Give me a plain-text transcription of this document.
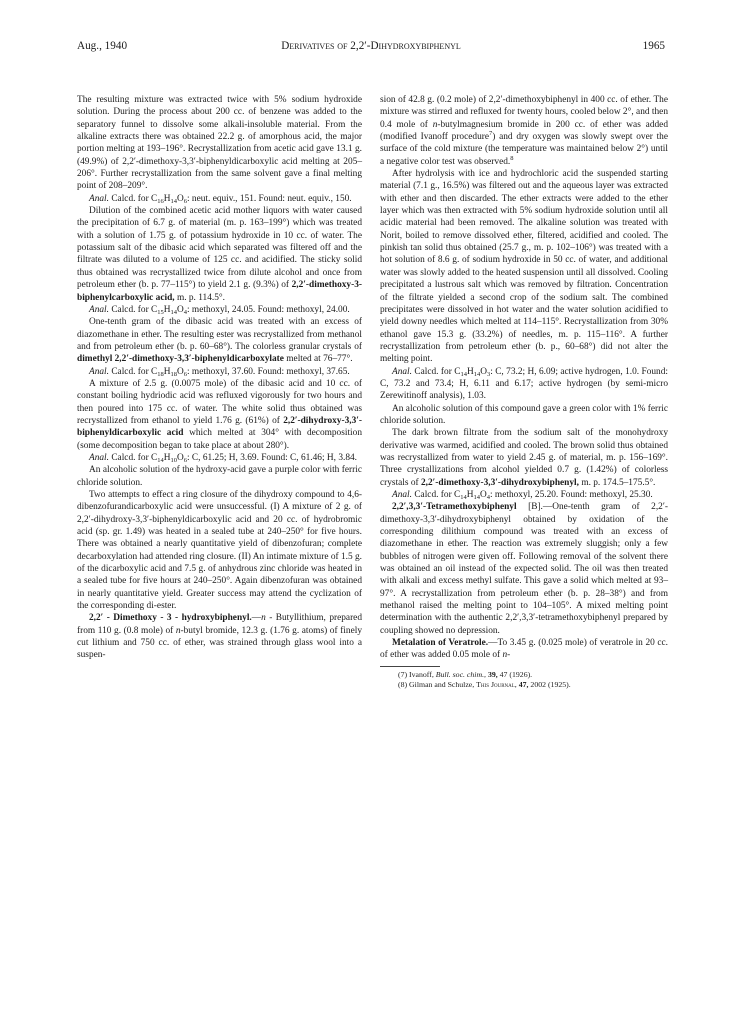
Aug., 1940	Derivatives of 2,2′-Dihydroxybiphenyl	1965

The resulting mixture was extracted twice with 5% sodium hydroxide solution. During the process about 200 cc. of benzene was added to the separatory funnel to dissolve some alkali-insoluble material. From the alkaline extracts there was obtained 22.2 g. of amorphous acid, the major portion melting at 193–196°. Recrystallization from acetic acid gave 13.1 g. (49.9%) of 2,2′-dimethoxy-3,3′-biphenyldicarboxylic acid melting at 205–206°. Further recrystallization from the same solvent gave a final melting point of 208–209°.

Anal. Calcd. for $C_{16}H_{14}O_6$: neut. equiv., 151. Found: neut. equiv., 150.

Dilution of the combined acetic acid mother liquors with water caused the precipitation of 6.7 g. of material (m. p. 163–199°) which was treated with a solution of 1.75 g. of potassium hydroxide in 10 cc. of water. The potassium salt of the dibasic acid which separated was filtered off and the filtrate was diluted to a volume of 125 cc. and acidified. The sticky solid thus obtained was recrystallized twice from dilute alcohol and once from petroleum ether (b. p. 77–115°) to yield 2.1 g. (9.3%) of 2,2′-dimethoxy-3-biphenylcarboxylic acid, m. p. 114.5°.

Anal. Calcd. for $C_{15}H_{14}O_4$: methoxyl, 24.05. Found: methoxyl, 24.00.

One-tenth gram of the dibasic acid was treated with an excess of diazomethane in ether. The resulting ester was recrystallized from methanol and from petroleum ether (b. p. 60–68°). The colorless granular crystals of dimethyl 2,2′-dimethoxy-3,3′-biphenyldicarboxylate melted at 76–77°.

Anal. Calcd. for $C_{18}H_{18}O_6$: methoxyl, 37.60. Found: methoxyl, 37.65.

A mixture of 2.5 g. (0.0075 mole) of the dibasic acid and 10 cc. of constant boiling hydriodic acid was refluxed vigorously for two hours and then poured into 175 cc. of water. The white solid thus obtained was recrystallized from ethanol to yield 1.76 g. (61%) of 2,2′-dihydroxy-3,3′-biphenyldicarboxylic acid which melted at 304° with decomposition (some decomposition began to take place at about 280°).

Anal. Calcd. for $C_{14}H_{10}O_6$: C, 61.25; H, 3.69. Found: C, 61.46; H, 3.84.

An alcoholic solution of the hydroxy-acid gave a purple color with ferric chloride solution.

Two attempts to effect a ring closure of the dihydroxy compound to 4,6-dibenzofurandicarboxylic acid were unsuccessful. (I) A mixture of 2 g. of 2,2′-dihydroxy-3,3′-biphenyldicarboxylic acid and 20 cc. of hydrobromic acid (sp. gr. 1.49) was heated in a sealed tube at 240–250° for five hours. There was obtained a nearly quantitative yield of dibenzofuran; complete decarboxylation had attended ring closure. (II) An intimate mixture of 1.5 g. of the dicarboxylic acid and 7.5 g. of anhydrous zinc chloride was heated in a sealed tube for five hours at 240–250°. Again dibenzofuran was obtained in nearly quantitative yield. Greater success may attend the cyclization of the corresponding di-ester.

2,2′ - Dimethoxy - 3 - hydroxybiphenyl.—n - Butyllithium, prepared from 110 g. (0.8 mole) of n-butyl bromide, 12.3 g. (1.76 g. atoms) of finely cut lithium and 750 cc. of ether, was strained through glass wool into a suspen-

sion of 42.8 g. (0.2 mole) of 2,2′-dimethoxybiphenyl in 400 cc. of ether. The mixture was stirred and refluxed for twenty hours, cooled below 2°, and then 0.4 mole of n-butylmagnesium bromide in 200 cc. of ether was added (modified Ivanoff procedure$^7$) and dry oxygen was slowly swept over the surface of the cold mixture (the temperature was maintained below 2°) until a negative color test was observed.$^8$

After hydrolysis with ice and hydrochloric acid the suspended starting material (7.1 g., 16.5%) was filtered out and the aqueous layer was extracted with ether and then discarded. The ether extracts were added to the ether layer which was then extracted with 5% sodium hydroxide solution until all acidic material had been removed. The alkaline solution was treated with Norit, boiled to remove dissolved ether, filtered, acidified and cooled. The pinkish tan solid thus obtained (25.7 g., m. p. 102–106°) was treated with a hot solution of 8.6 g. of sodium hydroxide in 50 cc. of water, and additional water was slowly added to the heated suspension until all dissolved. Cooling precipitated a lustrous salt which was removed by filtration. Concentration of the filtrate yielded a second crop of the sodium salt. The combined precipitates were dissolved in hot water and the water solution acidified to yield downy needles which melted at 114–115°. Recrystallization from 30% ethanol gave 15.3 g. (33.2%) of needles, m. p. 115–116°. A further recrystallization from petroleum ether (b. p., 60–68°) did not alter the melting point.

Anal. Calcd. for $C_{14}H_{14}O_3$: C, 73.2; H, 6.09; active hydrogen, 1.0. Found: C, 73.2 and 73.4; H, 6.11 and 6.17; active hydrogen (by semi-micro Zerewitinoff analysis), 1.03.

An alcoholic solution of this compound gave a green color with 1% ferric chloride solution.

The dark brown filtrate from the sodium salt of the monohydroxy derivative was warmed, acidified and cooled. The brown solid thus obtained was recrystallized from water to yield 2.45 g. of material, m. p. 156–169°. Three crystallizations from alcohol yielded 0.7 g. (1.42%) of colorless crystals of 2,2′-dimethoxy-3,3′-dihydroxybiphenyl, m. p. 174.5–175.5°.

Anal. Calcd. for $C_{14}H_{14}O_4$: methoxyl, 25.20. Found: methoxyl, 25.30.

2,2′,3,3′-Tetramethoxybiphenyl [B].—One-tenth gram of 2,2′-dimethoxy-3,3′-dihydroxybiphenyl obtained by oxidation of the corresponding dilithium compound was treated with an excess of diazomethane in ether. The reaction was extremely sluggish; only a few bubbles of nitrogen were given off. Following removal of the solvent there was obtained an oil instead of the expected solid. The oil was then treated with alkali and excess methyl sulfate. This gave a solid which melted at 93–97°. A recrystallization from petroleum ether (b. p. 28–38°) and from methanol raised the melting point to 104–105°. A mixed melting point determination with the authentic 2,2′,3,3′-tetramethoxybiphenyl prepared by coupling showed no depression.

Metalation of Veratrole.—To 3.45 g. (0.025 mole) of veratrole in 20 cc. of ether was added 0.05 mole of n-

(7) Ivanoff, Bull. soc. chim., 39, 47 (1926).

(8) Gilman and Schulze, This Journal, 47, 2002 (1925).
